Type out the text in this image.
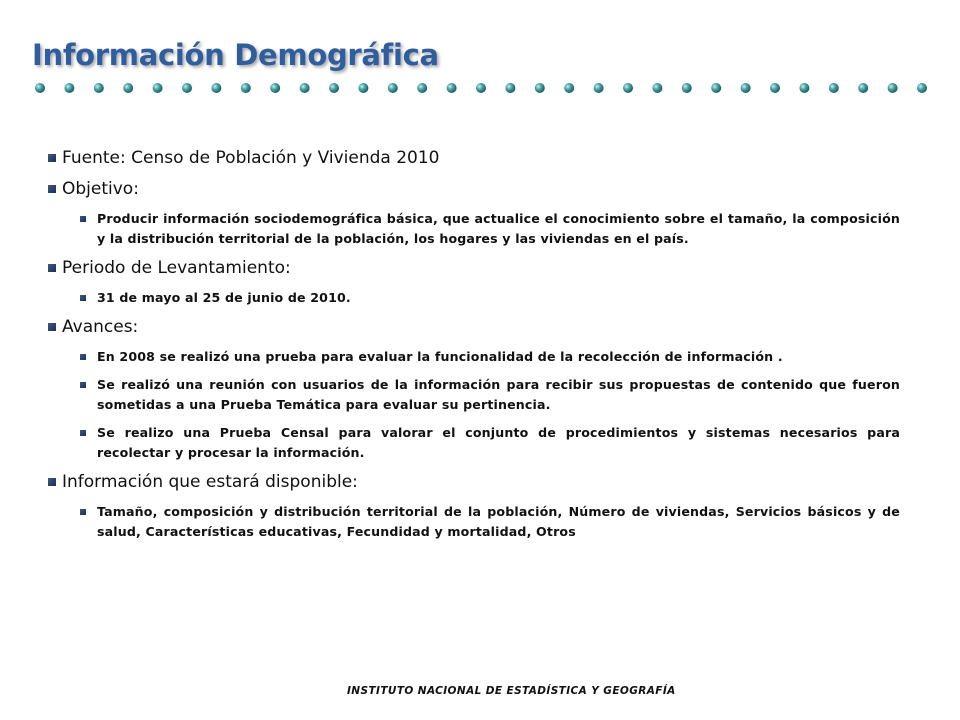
Información Demográfica
Fuente: Censo de Población y Vivienda 2010
Objetivo:
Producir información sociodemográfica básica, que actualice el conocimiento sobre el tamaño, la composición y la distribución territorial de la población, los hogares y las viviendas en el país.
Periodo de Levantamiento:
31 de mayo al 25 de junio de 2010.
Avances:
En 2008 se realizó una prueba para evaluar la funcionalidad de la recolección de información .
Se realizó una reunión con usuarios de la información para recibir sus propuestas de contenido que fueron sometidas a una Prueba Temática para evaluar su pertinencia.
Se realizo una Prueba Censal para valorar el conjunto de procedimientos y sistemas necesarios para recolectar y procesar la información.
Información que estará disponible:
Tamaño, composición y distribución territorial de la población, Número de viviendas, Servicios básicos y de salud, Características educativas, Fecundidad y mortalidad, Otros

INSTITUTO NACIONAL DE ESTADÍSTICA Y GEOGRAFÍA
